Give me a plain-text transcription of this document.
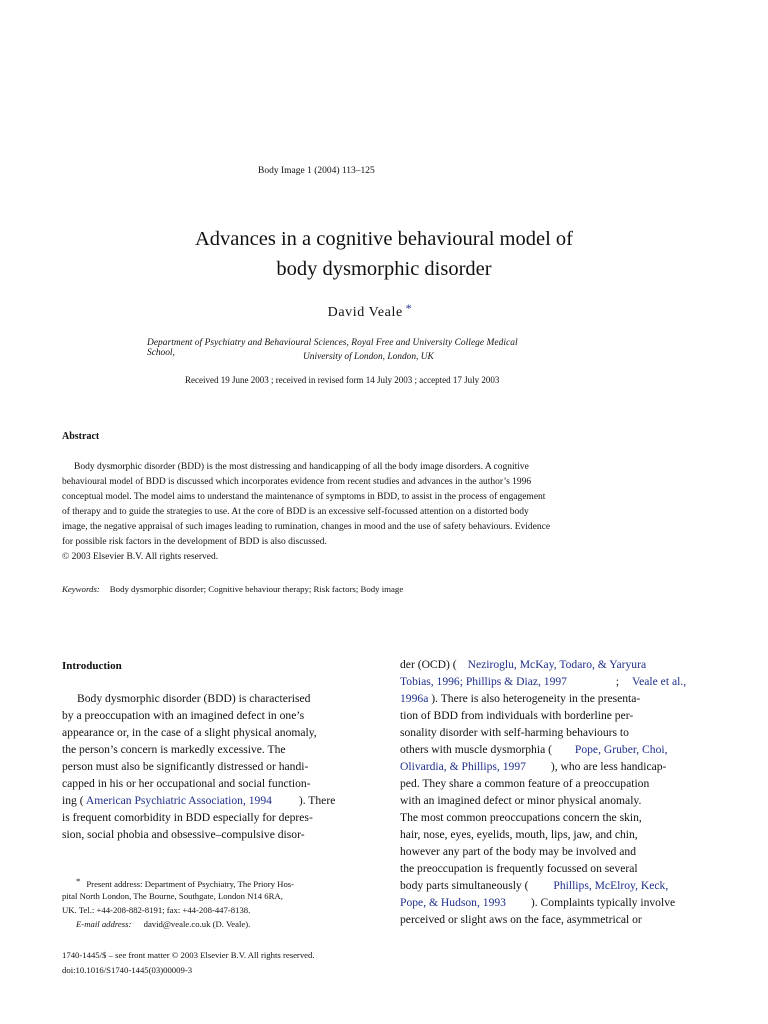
Body Image 1 (2004) 113–125
Advances in a cognitive behavioural model of
body dysmorphic disorder
David Veale *
Department of Psychiatry and Behavioural Sciences, Royal Free and University College Medical
School,	University of London, London, UK
Received 19 June 2003 ; received in revised form 14 July 2003 ; accepted 17 July 2003
Abstract
Body dysmorphic disorder (BDD) is the most distressing and handicapping of all the body image disorders. A cognitive
behavioural model of BDD is discussed which incorporates evidence from recent studies and advances in the author’s 1996
conceptual model. The model aims to understand the maintenance of symptoms in BDD, to assist in the process of engagement
of therapy and to guide the strategies to use. At the core of BDD is an excessive self-focussed attention on a distorted body
image, the negative appraisal of such images leading to rumination, changes in mood and the use of safety behaviours. Evidence
for possible risk factors in the development of BDD is also discussed.
© 2003 Elsevier B.V. All rights reserved.
Keywords: Body dysmorphic disorder; Cognitive behaviour therapy; Risk factors; Body image
Introduction
Body dysmorphic disorder (BDD) is characterised
by a preoccupation with an imagined defect in one’s
appearance or, in the case of a slight physical anomaly,
the person’s concern is markedly excessive. The
person must also be significantly distressed or handi-
capped in his or her occupational and social function-
ing ( American Psychiatric Association, 1994 ). There
is frequent comorbidity in BDD especially for depres-
sion, social phobia and obsessive–compulsive disor-
der (OCD) ( Neziroglu, McKay, Todaro, & Yaryura
Tobias, 1996; Phillips & Diaz, 1997	; Veale et al.,
1996a ). There is also heterogeneity in the presenta-
tion of BDD from individuals with borderline per-
sonality disorder with self-harming behaviours to
others with muscle dysmorphia ( Pope, Gruber, Choi,
Olivardia, & Phillips, 1997 ), who are less handicap-
ped. They share a common feature of a preoccupation
with an imagined defect or minor physical anomaly.
The most common preoccupations concern the skin,
hair, nose, eyes, eyelids, mouth, lips, jaw, and chin,
however any part of the body may be involved and
the preoccupation is frequently focussed on several
body parts simultaneously ( Phillips, McElroy, Keck,
Pope, & Hudson, 1993 ). Complaints typically involve
perceived or slight aws on the face, asymmetrical or
* Present address: Department of Psychiatry, The Priory Hos-
pital North London, The Bourne, Southgate, London N14 6RA,
UK. Tel.: +44-208-882-8191; fax: +44-208-447-8138.
E-mail address: david@veale.co.uk (D. Veale).
1740-1445/$ – see front matter © 2003 Elsevier B.V. All rights reserved.
doi:10.1016/S1740-1445(03)00009-3
